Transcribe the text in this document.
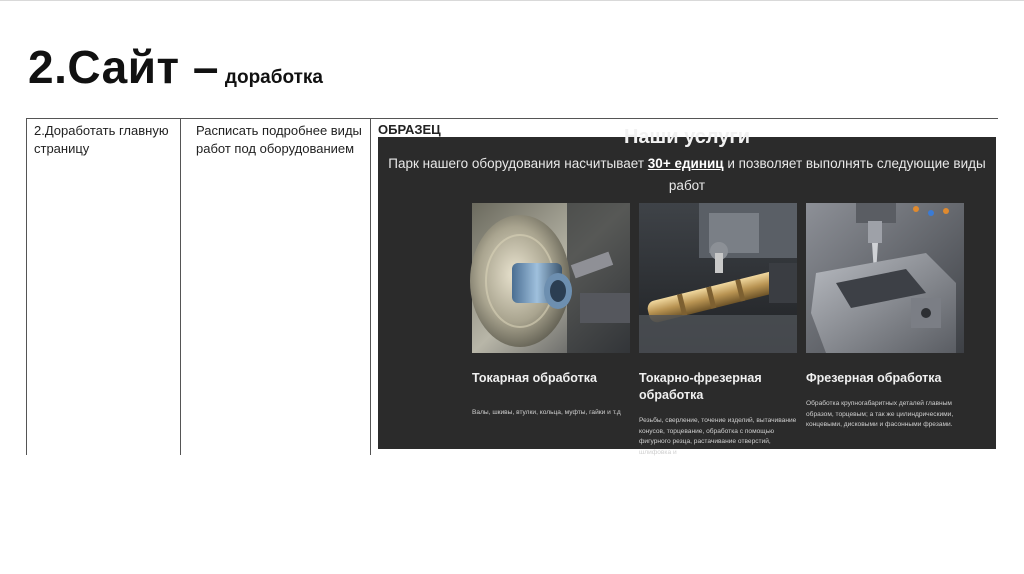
2.Сайт – доработка
2.Доработать главную страницу
Расписать подробнее виды работ под оборудованием
ОБРАЗЕЦ	Наши услуги
Парк нашего оборудования насчитывает 30+ единиц и позволяет выполнять следующие виды работ
Токарная обработка
Валы, шкивы, втулки, кольца, муфты, гайки и т.д
Токарно-фрезерная обработка
Резьбы, сверление, точение изделий, вытачивание конусов, торцевание, обработка с помощью фигурного резца, растачивание отверстий, шлифовка и
Фрезерная обработка
Обработка крупногабаритных деталей главным образом, торцевым; а так же цилиндрическими, концевыми, дисковыми и фасонными фрезами.
